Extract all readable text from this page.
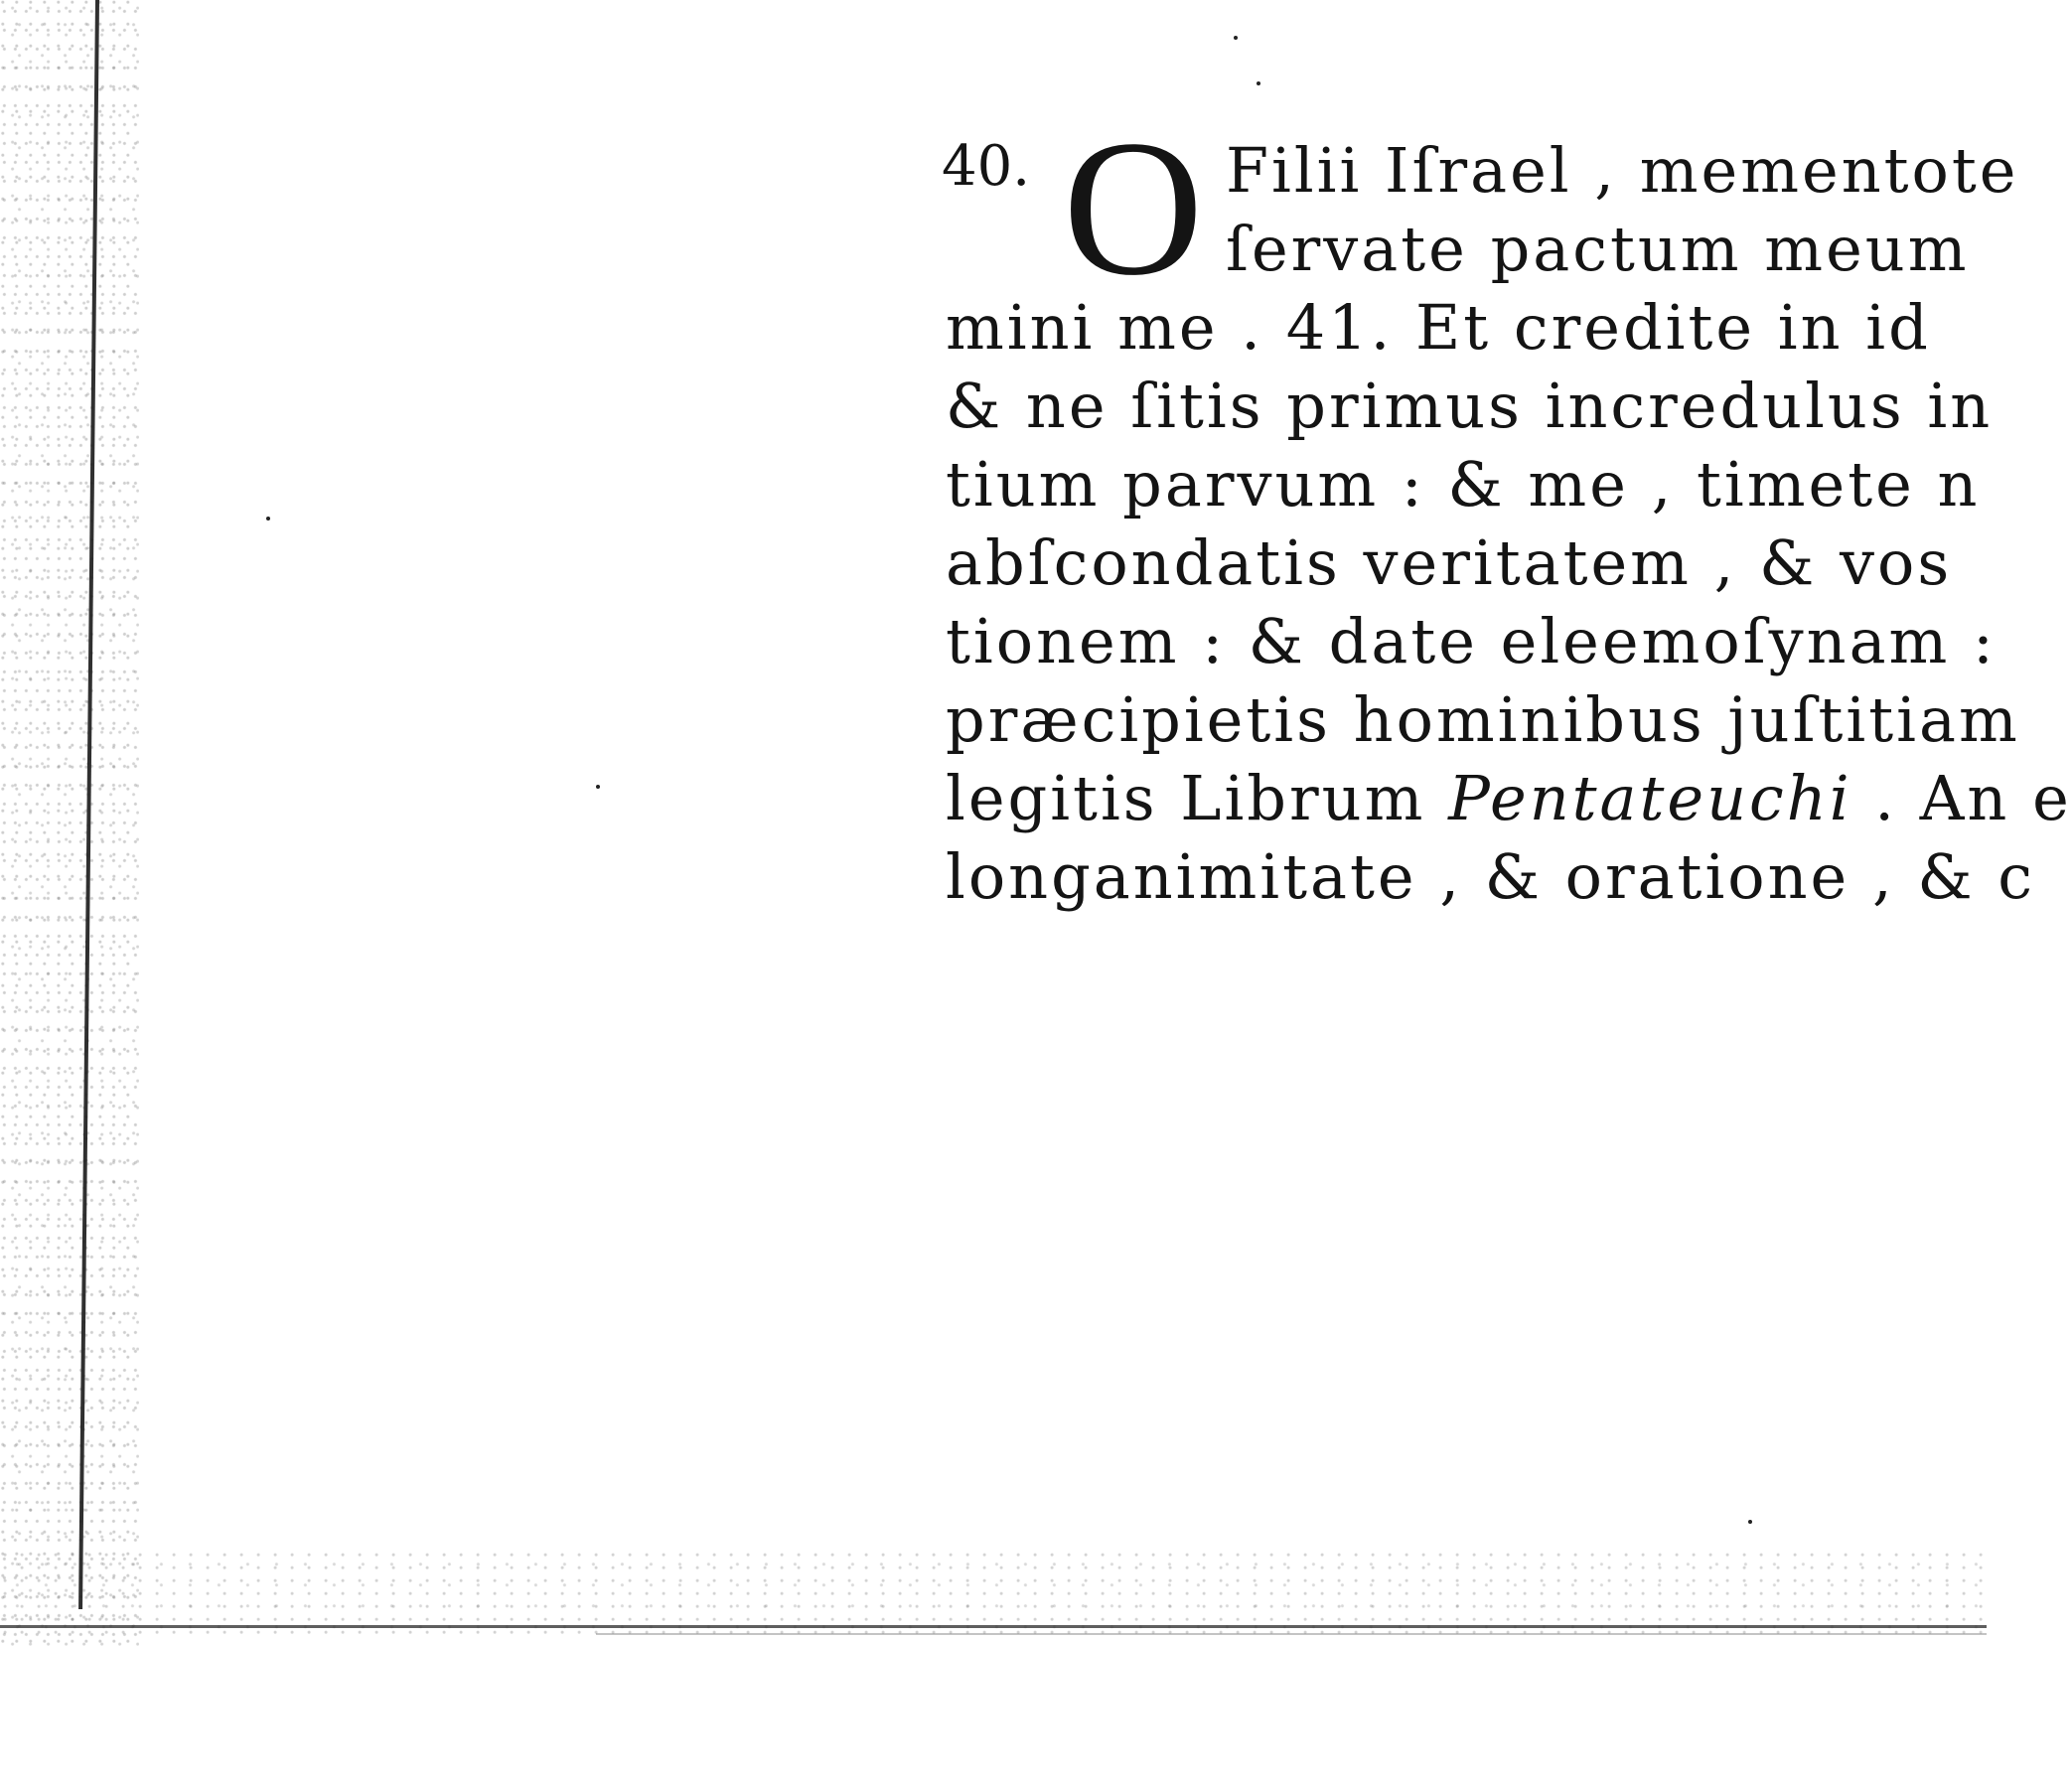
40. O Filii Iſrael , mementote
ſervate pactum meum
mini me . 41. Et credite in id
& ne ſitis primus incredulus in
tium parvum : & me , timete n
abſcondatis veritatem , & vos
tionem : & date eleemoſynam :
præcipietis hominibus juſtitiam
legitis Librum Pentateuchi . An e
longanimitate , & oratione , & c
